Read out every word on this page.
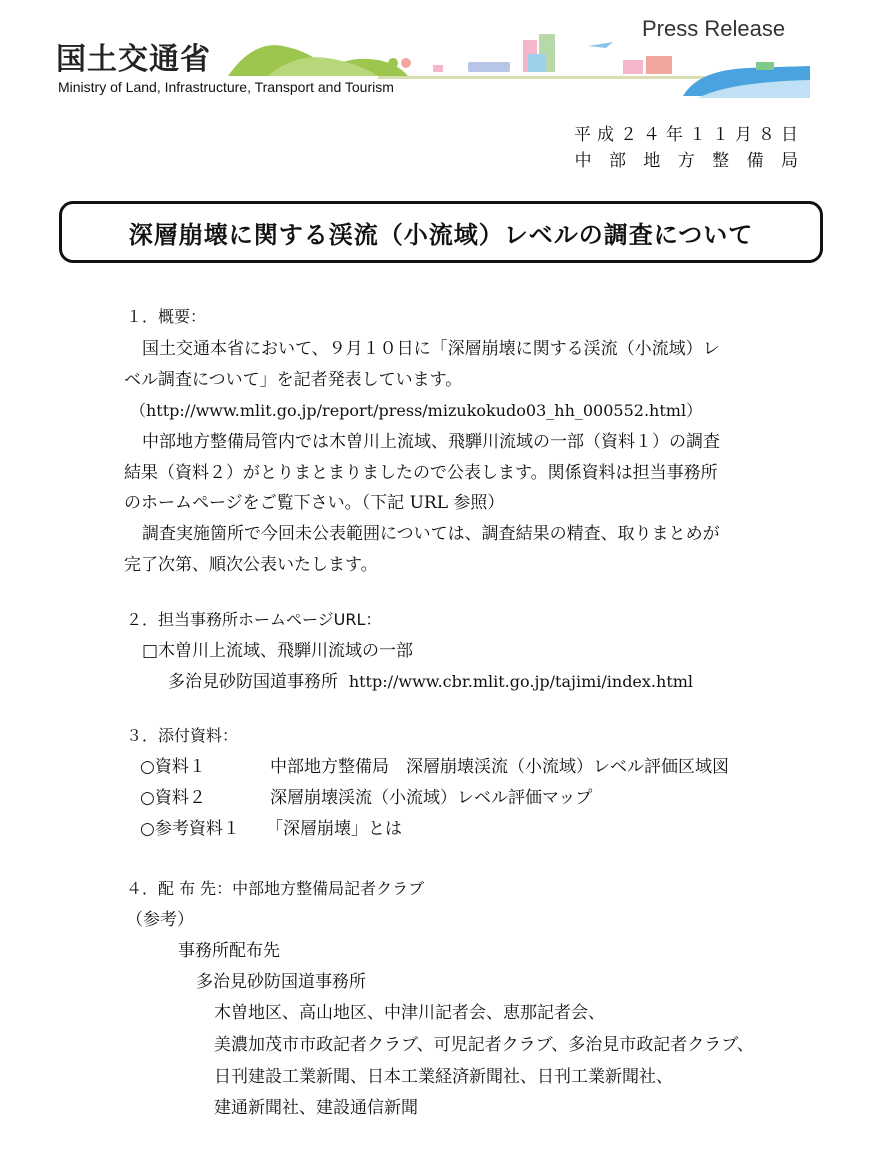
国土交通省
Ministry of Land, Infrastructure, Transport and Tourism
Press Release
平成２４年１１月８日
中 部 地 方 整 備 局
深層崩壊に関する渓流（小流域）レベルの調査について
１．概要：
国土交通本省において、９月１０日に「深層崩壊に関する渓流（小流域）レ
ベル調査について」を記者発表しています。
（http://www.mlit.go.jp/report/press/mizukokudo03_hh_000552.html）
中部地方整備局管内では木曽川上流域、飛騨川流域の一部（資料１）の調査
結果（資料２）がとりまとまりましたので公表します。関係資料は担当事務所
のホームページをご覧下さい。（下記 URL 参照）
調査実施箇所で今回未公表範囲については、調査結果の精査、取りまとめが
完了次第、順次公表いたします。
２．担当事務所ホームページURL：
□木曽川上流域、飛騨川流域の一部
多治見砂防国道事務所 http://www.cbr.mlit.go.jp/tajimi/index.html
３．添付資料：
○資料１	中部地方整備局　深層崩壊渓流（小流域）レベル評価区域図
○資料２	深層崩壊渓流（小流域）レベル評価マップ
○参考資料１ 「深層崩壊」とは
４．配 布 先：中部地方整備局記者クラブ
（参考）
事務所配布先
多治見砂防国道事務所
木曽地区、高山地区、中津川記者会、恵那記者会、
美濃加茂市市政記者クラブ、可児記者クラブ、多治見市政記者クラブ、
日刊建設工業新聞、日本工業経済新聞社、日刊工業新聞社、
建通新聞社、建設通信新聞
